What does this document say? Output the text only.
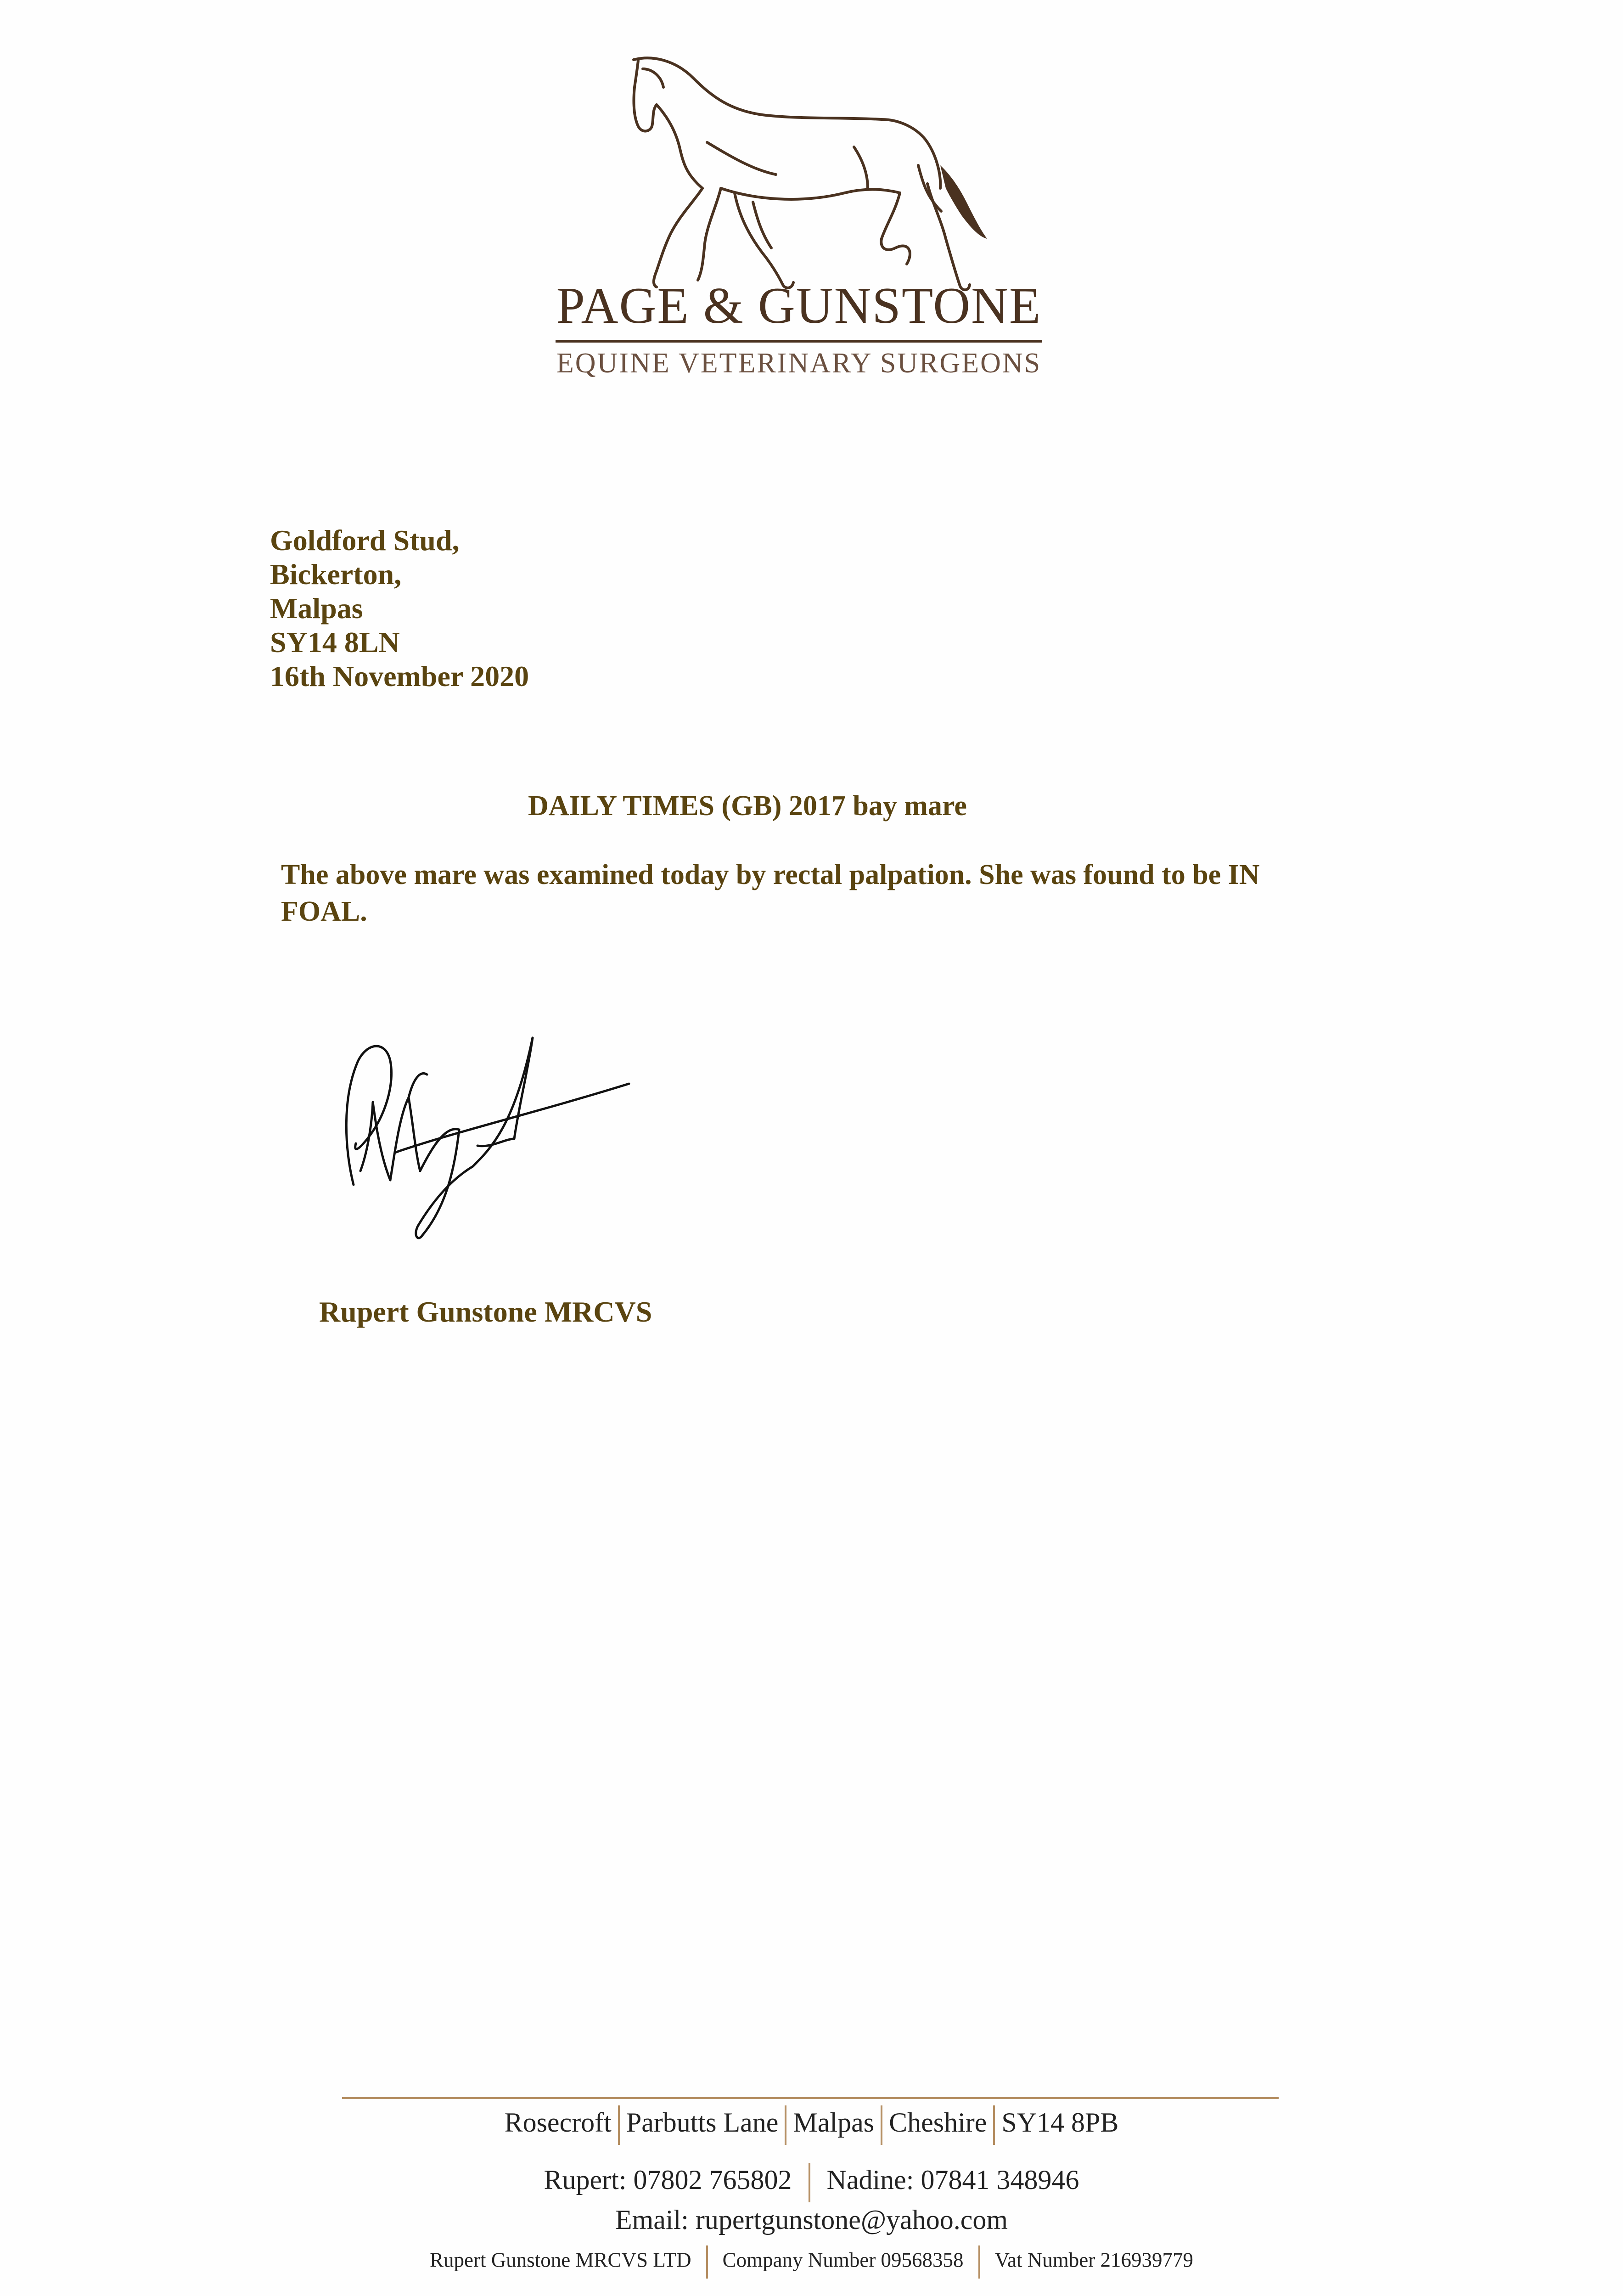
PAGE & GUNSTONE
EQUINE VETERINARY SURGEONS
Goldford Stud,
Bickerton,
Malpas
SY14 8LN
16th November 2020
DAILY TIMES (GB) 2017 bay mare
The above mare was examined today by rectal palpation. She was found to be IN FOAL.
Rupert Gunstone MRCVS
Rosecroft Parbutts Lane Malpas Cheshire SY14 8PB
Rupert: 07802 765802 Nadine: 07841 348946
Email: rupertgunstone@yahoo.com
Rupert Gunstone MRCVS LTD Company Number 09568358 Vat Number 216939779
